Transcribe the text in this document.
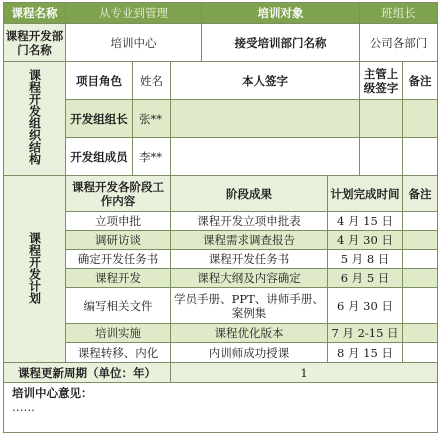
课程名称	从专业到管理			培训对象		班组长	
课程开发部门名称	培训中心			接受培训部门名称		公司各部门	
课程开发组织结构	项目角色	姓名	本人签字			主管上级签字	备注
	开发组组长	张**					
	开发组成员	李**					
课程开发计划	课程开发各阶段工作内容		阶段成果		计划完成时间		备注
	立项申批		课程开发立项申批表		4 月 15 日		
	调研访谈		课程需求调查报告		4 月 30 日		
	确定开发任务书		课程开发任务书		5 月 8 日		
	课程开发		课程大纲及内容确定		6 月 5 日		
	编写相关文件		学员手册、PPT、讲师手册、案例集		6 月 30 日		
	培训实施		课程优化版本		7 月 2-15 日		
	课程转移、内化		内训师成功授课		8 月 15 日		
课程更新周期（单位：年）			1				

培训中心意见：
……							
